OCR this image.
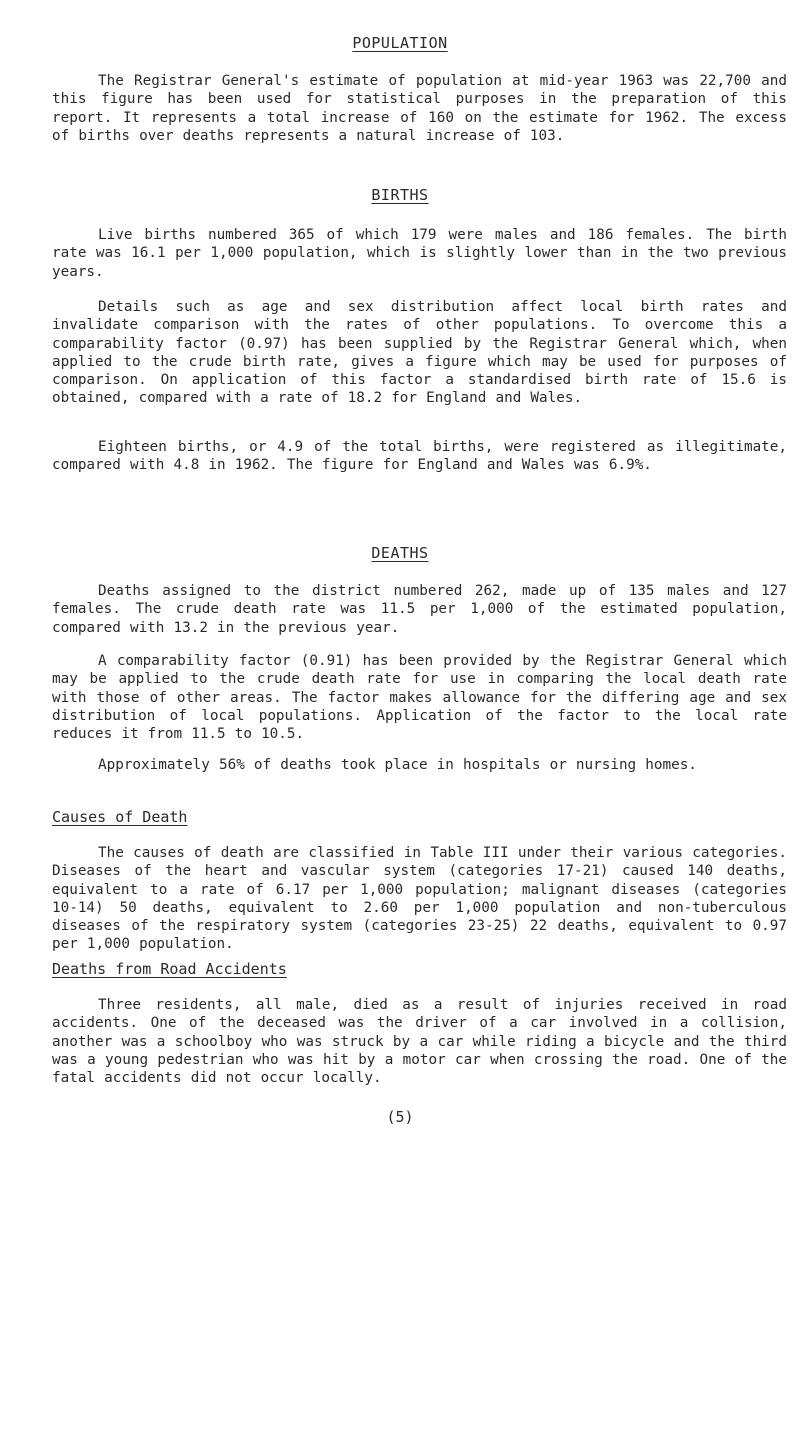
POPULATION
The Registrar General's estimate of population at mid-year 1963 was 22,700 and this figure has been used for statistical purposes in the preparation of this report. It represents a total increase of 160 on the estimate for 1962. The excess of births over deaths represents a natural increase of 103.
BIRTHS
Live births numbered 365 of which 179 were males and 186 females. The birth rate was 16.1 per 1,000 population, which is slightly lower than in the two previous years.
Details such as age and sex distribution affect local birth rates and invalidate comparison with the rates of other populations. To overcome this a comparability factor (0.97) has been supplied by the Registrar General which, when applied to the crude birth rate, gives a figure which may be used for purposes of comparison. On application of this factor a standardised birth rate of 15.6 is obtained, compared with a rate of 18.2 for England and Wales.
Eighteen births, or 4.9 of the total births, were registered as illegitimate, compared with 4.8 in 1962. The figure for England and Wales was 6.9%.
DEATHS
Deaths assigned to the district numbered 262, made up of 135 males and 127 females. The crude death rate was 11.5 per 1,000 of the estimated population, compared with 13.2 in the previous year.
A comparability factor (0.91) has been provided by the Registrar General which may be applied to the crude death rate for use in comparing the local death rate with those of other areas. The factor makes allowance for the differing age and sex distribution of local populations. Application of the factor to the local rate reduces it from 11.5 to 10.5.
Approximately 56% of deaths took place in hospitals or nursing homes.
Causes of Death
The causes of death are classified in Table III under their various categories. Diseases of the heart and vascular system (categories 17-21) caused 140 deaths, equivalent to a rate of 6.17 per 1,000 population; malignant diseases (categories 10-14) 50 deaths, equivalent to 2.60 per 1,000 population and non-tuberculous diseases of the respiratory system (categories 23-25) 22 deaths, equivalent to 0.97 per 1,000 population.
Deaths from Road Accidents
Three residents, all male, died as a result of injuries received in road accidents. One of the deceased was the driver of a car involved in a collision, another was a schoolboy who was struck by a car while riding a bicycle and the third was a young pedestrian who was hit by a motor car when crossing the road. One of the fatal accidents did not occur locally.
(5)
